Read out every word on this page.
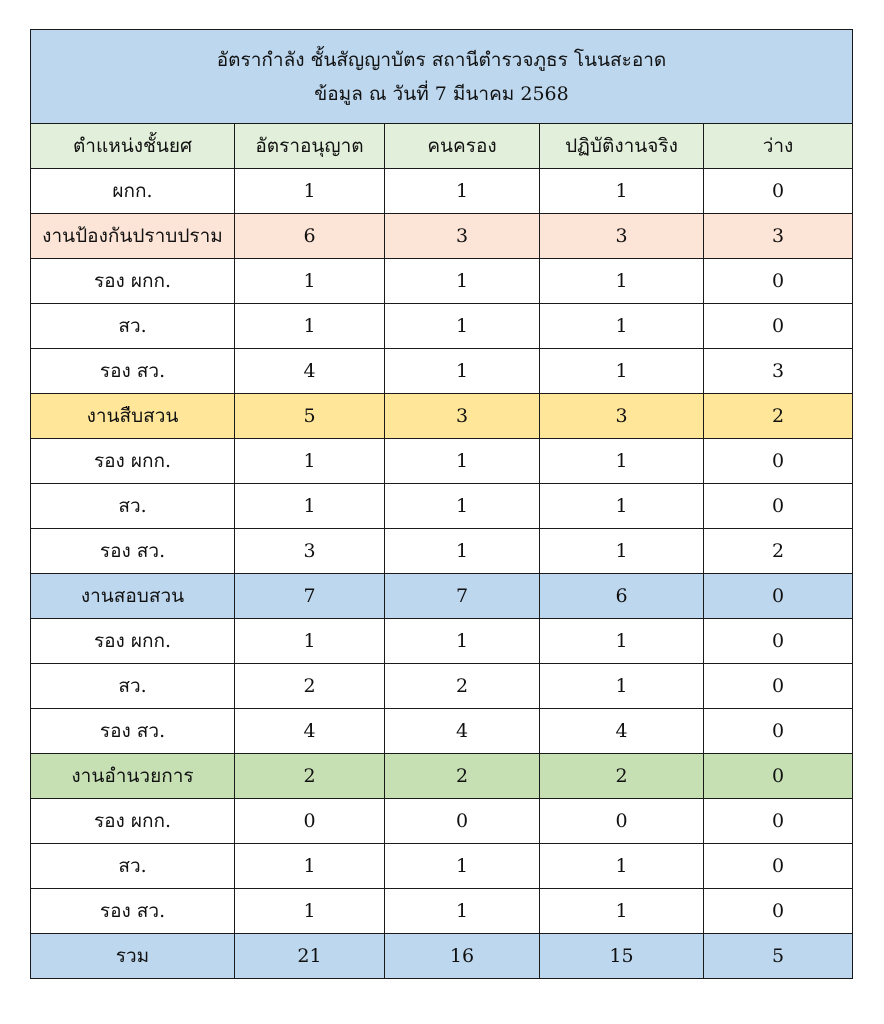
อัตรากำลัง ชั้นสัญญาบัตร สถานีตำรวจภูธร โนนสะอาด
ข้อมูล ณ วันที่ 7 มีนาคม 2568				

ตำแหน่งชั้นยศ	อัตราอนุญาต	คนครอง	ปฏิบัติงานจริง	ว่าง
ผกก.	1	1	1	0
งานป้องกันปราบปราม	6	3	3	3
รอง ผกก.	1	1	1	0
สว.	1	1	1	0
รอง สว.	4	1	1	3
งานสืบสวน	5	3	3	2
รอง ผกก.	1	1	1	0
สว.	1	1	1	0
รอง สว.	3	1	1	2
งานสอบสวน	7	7	6	0
รอง ผกก.	1	1	1	0
สว.	2	2	1	0
รอง สว.	4	4	4	0
งานอำนวยการ	2	2	2	0
รอง ผกก.	0	0	0	0
สว.	1	1	1	0
รอง สว.	1	1	1	0
รวม	21	16	15	5
